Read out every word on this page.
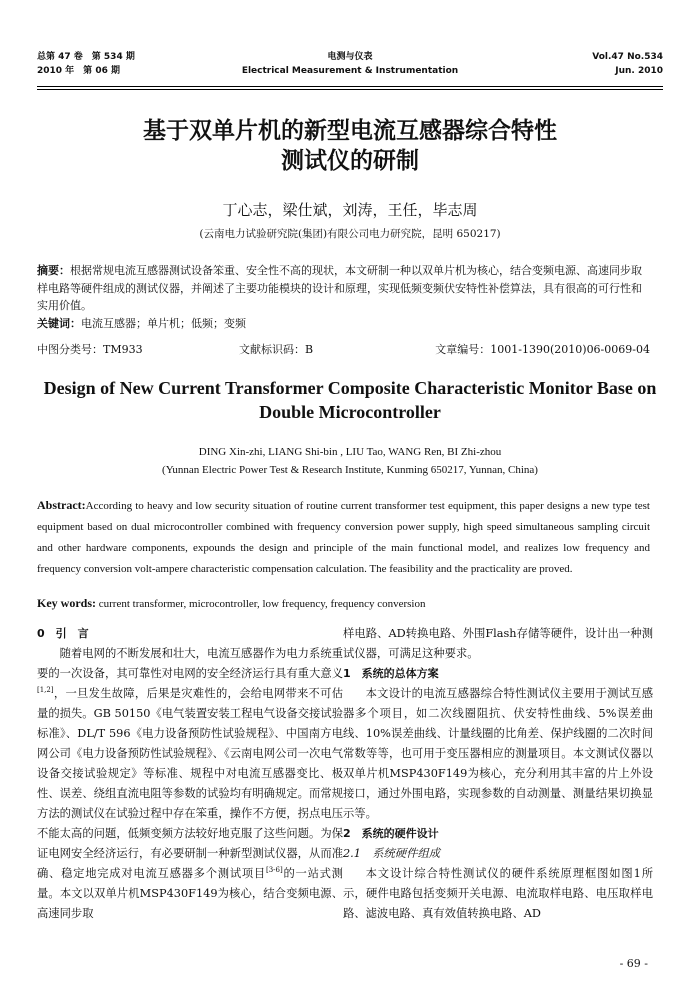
总第 47 卷　第 534 期
2010 年　第 06 期
电测与仪表
Electrical Measurement & Instrumentation
Vol.47 No.534
Jun. 2010
基于双单片机的新型电流互感器综合特性
测试仪的研制
丁心志，梁仕斌，刘涛，王任，毕志周
(云南电力试验研究院(集团)有限公司电力研究院，昆明 650217)
摘要：根据常规电流互感器测试设备笨重、安全性不高的现状，本文研制一种以双单片机为核心，结合变频电源、高速同步取样电路等硬件组成的测试仪器，并阐述了主要功能模块的设计和原理，实现低频变频伏安特性补偿算法，具有很高的可行性和实用价值。
关键词：电流互感器；单片机；低频；变频
中图分类号：TM933	文献标识码：B	文章编号：1001-1390(2010)06-0069-04
Design of New Current Transformer Composite Characteristic Monitor Base on
Double Microcontroller
DING Xin-zhi, LIANG Shi-bin , LIU Tao, WANG Ren, BI Zhi-zhou
(Yunnan Electric Power Test & Research Institute, Kunming 650217, Yunnan, China)
Abstract:According to heavy and low security situation of routine current transformer test equipment, this paper designs a new type test equipment based on dual microcontroller combined with frequency conversion power supply, high speed simultaneous sampling circuit and other hardware components, expounds the design and principle of the main functional model, and realizes low frequency and frequency conversion volt-ampere characteristic compensation calculation. The feasibility and the practicality are proved.
Key words: current transformer, microcontroller, low frequency, frequency conversion

0　引　言

随着电网的不断发展和壮大，电流互感器作为电力系统重要的一次设备，其可靠性对电网的安全经济运行具有重大意义[1,2]，一旦发生故障，后果是灾难性的，会给电网带来不可估量的损失。GB 50150《电气装置安装工程电气设备交接试验标准》、DL/T 596《电力设备预防性试验规程》、中国南方电网公司《电力设备预防性试验规程》、《云南电网公司一次电气设备交接试验规定》等标准、规程中对电流互感器变比、极性、误差、绕组直流电阻等参数的试验均有明确规定。而常规方法的测试仪在试验过程中存在笨重，操作不方便，拐点电压不能太高的问题，低频变频方法较好地克服了这些问题。为保证电网安全经济运行，有必要研制一种新型测试仪器，从而准确、稳定地完成对电流互感器多个测试项目[3-6]的一站式测量。本文以双单片机MSP430F149为核心，结合变频电源、高速同步取

样电路、AD转换电路、外围Flash存储等硬件，设计出一种测试仪器，可满足这种要求。

1　系统的总体方案

本文设计的电流互感器综合特性测试仪主要用于测试互感器多个项目，如二次线圈阻抗、伏安特性曲线、5%误差曲线、10%误差曲线、计量线圈的比角差、保护线圈的二次时间常数等等，也可用于变压器相应的测量项目。本文测试仪器以双单片机MSP430F149为核心，充分利用其丰富的片上外设接口，通过外围电路，实现参数的自动测量、测量结果切换显示等。

2　系统的硬件设计

2.1　系统硬件组成

本文设计综合特性测试仪的硬件系统原理框图如图1所示，硬件电路包括变频开关电源、电流取样电路、电压取样电路、滤波电路、真有效值转换电路、AD

- 69 -
